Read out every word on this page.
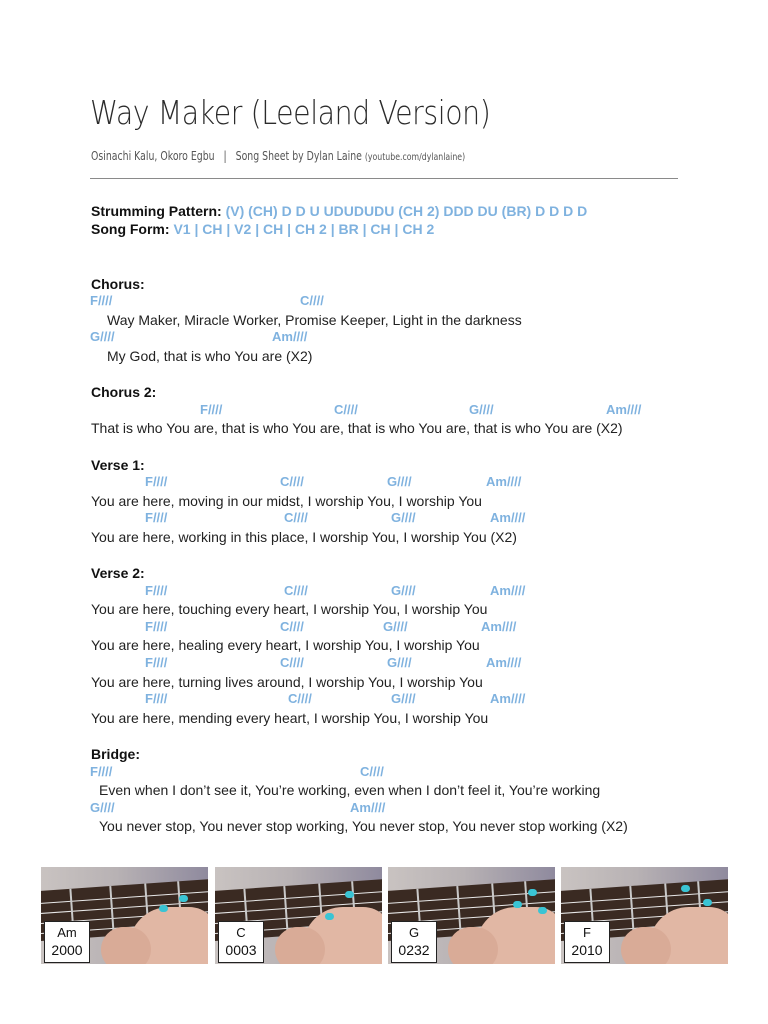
Way Maker (Leeland Version)
Osinachi Kalu, Okoro Egbu | Song Sheet by Dylan Laine (youtube.com/dylanlaine)
Strumming Pattern: (V) (CH) D D U UDUDUDU (CH 2) DDD DU (BR) D D D D
Song Form: V1 | CH | V2 | CH | CH 2 | BR | CH | CH 2
Chorus:
F////	C////
Way Maker, Miracle Worker, Promise Keeper, Light in the darkness
G////	Am////
My God, that is who You are (X2)
Chorus 2:
F////	C////	G////	Am////
That is who You are, that is who You are, that is who You are, that is who You are (X2)
Verse 1:
F////	C////	G////	Am////
You are here, moving in our midst, I worship You, I worship You
F////	C////	G////	Am////
You are here, working in this place, I worship You, I worship You (X2)
Verse 2:
F////	C////	G////	Am////
You are here, touching every heart, I worship You, I worship You
F////	C////	G////	Am////
You are here, healing every heart, I worship You, I worship You
F////	C////	G////	Am////
You are here, turning lives around, I worship You, I worship You
F////	C////	G////	Am////
You are here, mending every heart, I worship You, I worship You
Bridge:
F////	C////
Even when I don’t see it, You’re working, even when I don’t feel it, You’re working
G////	Am////
You never stop, You never stop working, You never stop, You never stop working (X2)
Am
2000
C
0003
G
0232
F
2010
